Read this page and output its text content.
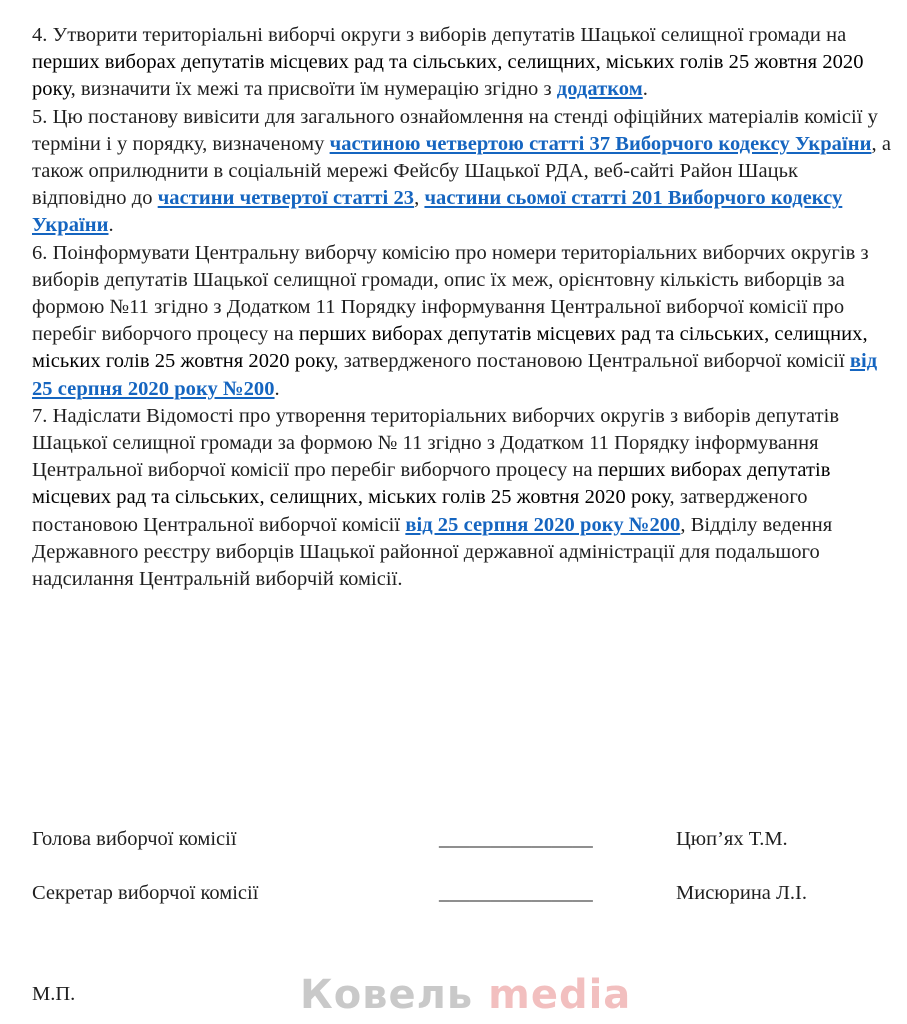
4. Утворити територіальні виборчі округи з виборів депутатів Шацької селищної громади на перших виборах депутатів місцевих рад та сільських, селищних, міських голів 25 жовтня 2020 року, визначити їх межі та присвоїти їм нумерацію згідно з додатком.

5. Цю постанову вивісити для загального ознайомлення на стенді офіційних матеріалів комісії у терміни і у порядку, визначеному частиною четвертою статті 37 Виборчого кодексу України, а також оприлюднити в соціальній мережі Фейсбу Шацької РДА, веб-сайті Район Шацьк відповідно до частини четвертої статті 23, частини сьомої статті 201 Виборчого кодексу України.

6. Поінформувати Центральну виборчу комісію про номери територіальних виборчих округів з виборів депутатів Шацької селищної громади, опис їх меж, орієнтовну кількість виборців за формою №11 згідно з Додатком 11 Порядку інформування Центральної виборчої комісії про перебіг виборчого процесу на перших виборах депутатів місцевих рад та сільських, селищних, міських голів 25 жовтня 2020 року, затвердженого постановою Центральної виборчої комісії від 25 серпня 2020 року №200.

7. Надіслати Відомості про утворення територіальних виборчих округів з виборів депутатів Шацької селищної громади за формою № 11 згідно з Додатком 11 Порядку інформування Центральної виборчої комісії про перебіг виборчого процесу на перших виборах депутатів місцевих рад та сільських, селищних, міських голів 25 жовтня 2020 року, затвердженого постановою Центральної виборчої комісії від 25 серпня 2020 року №200, Відділу ведення Державного реєстру виборців Шацької районної державної адміністрації для подальшого надсилання Центральній виборчій комісії.

Голова виборчої комісії	_______________	Цюп’ях Т.М.
Секретар виборчої комісії	_______________	Мисюрина Л.І.
М.П.	Ковель media
